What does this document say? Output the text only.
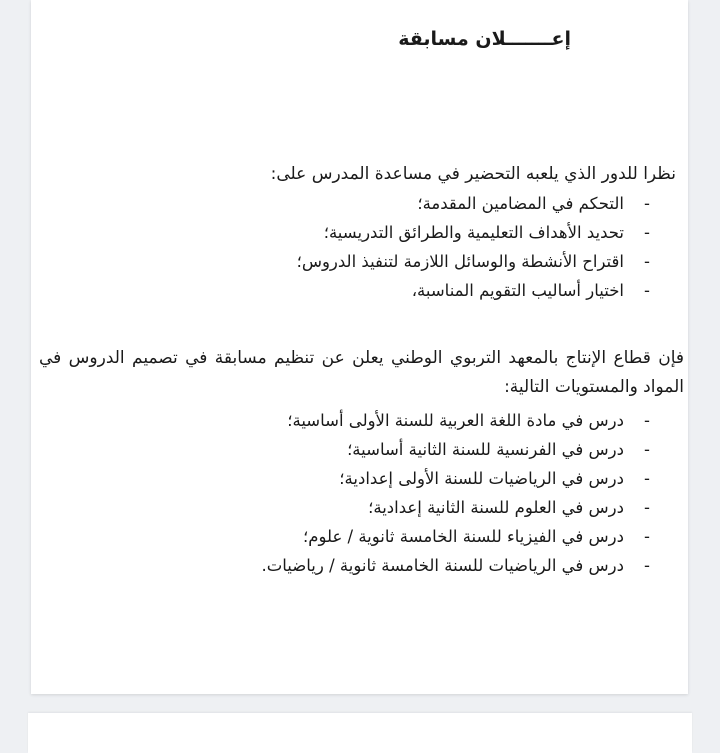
إعـــــــلان مسابقة
نظرا للدور الذي يلعبه التحضير في مساعدة المدرس على:
-
التحكم في المضامين المقدمة؛
-
تحديد الأهداف التعليمية والطرائق التدريسية؛
-
اقتراح الأنشطة والوسائل اللازمة لتنفيذ الدروس؛
-
اختيار أساليب التقويم المناسبة،
فإن قطاع الإنتاج بالمعهد التربوي الوطني يعلن عن تنظيم مسابقة في تصميم الدروس في المواد والمستويات التالية:
-
درس في مادة اللغة العربية للسنة الأولى أساسية؛
-
درس في الفرنسية للسنة الثانية أساسية؛
-
درس في الرياضيات للسنة الأولى إعدادية؛
-
درس في العلوم للسنة الثانية إعدادية؛
-
درس في الفيزياء للسنة الخامسة ثانوية / علوم؛
-
درس في الرياضيات للسنة الخامسة ثانوية / رياضيات.
